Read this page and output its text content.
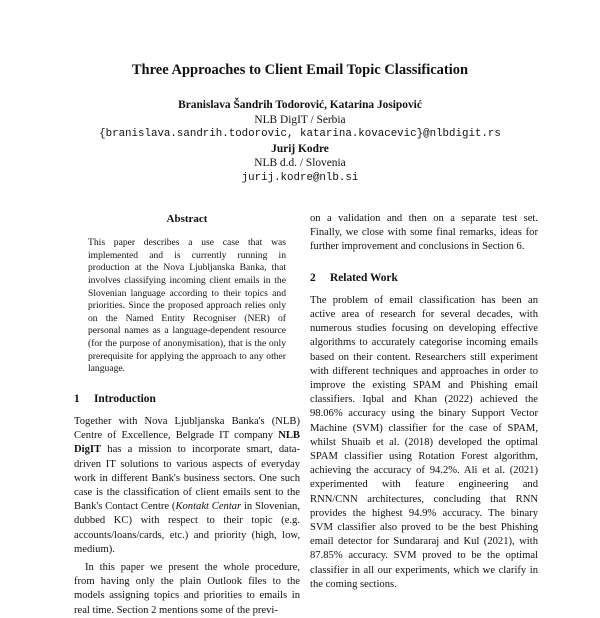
Three Approaches to Client Email Topic Classification
Branislava Šandrih Todorović, Katarina Josipović
NLB DigIT / Serbia
{branislava.sandrih.todorovic, katarina.kovacevic}@nlbdigit.rs
Jurij Kodre
NLB d.d. / Slovenia
jurij.kodre@nlb.si
Abstract
This paper describes a use case that was implemented and is currently running in production at the Nova Ljubljanska Banka, that involves classifying incoming client emails in the Slovenian language according to their topics and priorities. Since the proposed approach relies only on the Named Entity Recogniser (NER) of personal names as a language-dependent resource (for the purpose of anonymisation), that is the only prerequisite for applying the approach to any other language.
1 Introduction

Together with Nova Ljubljanska Banka's (NLB) Centre of Excellence, Belgrade IT company NLB DigIT has a mission to incorporate smart, data-driven IT solutions to various aspects of everyday work in different Bank's business sectors. One such case is the classification of client emails sent to the Bank's Contact Centre (Kontakt Centar in Slovenian, dubbed KC) with respect to their topic (e.g. accounts/loans/cards, etc.) and priority (high, low, medium).

In this paper we present the whole procedure, from having only the plain Outlook files to the models assigning topics and priorities to emails in real time. Section 2 mentions some of the previ-

on a validation and then on a separate test set. Finally, we close with some final remarks, ideas for further improvement and conclusions in Section 6.

2 Related Work

The problem of email classification has been an active area of research for several decades, with numerous studies focusing on developing effective algorithms to accurately categorise incoming emails based on their content. Researchers still experiment with different techniques and approaches in order to improve the existing SPAM and Phishing email classifiers. Iqbal and Khan (2022) achieved the 98.06% accuracy using the binary Support Vector Machine (SVM) classifier for the case of SPAM, whilst Shuaib et al. (2018) developed the optimal SPAM classifier using Rotation Forest algorithm, achieving the accuracy of 94.2%. Ali et al. (2021) experimented with feature engineering and RNN/CNN architectures, concluding that RNN provides the highest 94.9% accuracy. The binary SVM classifier also proved to be the best Phishing email detector for Sundararaj and Kul (2021), with 87.85% accuracy. SVM proved to be the optimal classifier in all our experiments, which we clarify in the coming sections.
